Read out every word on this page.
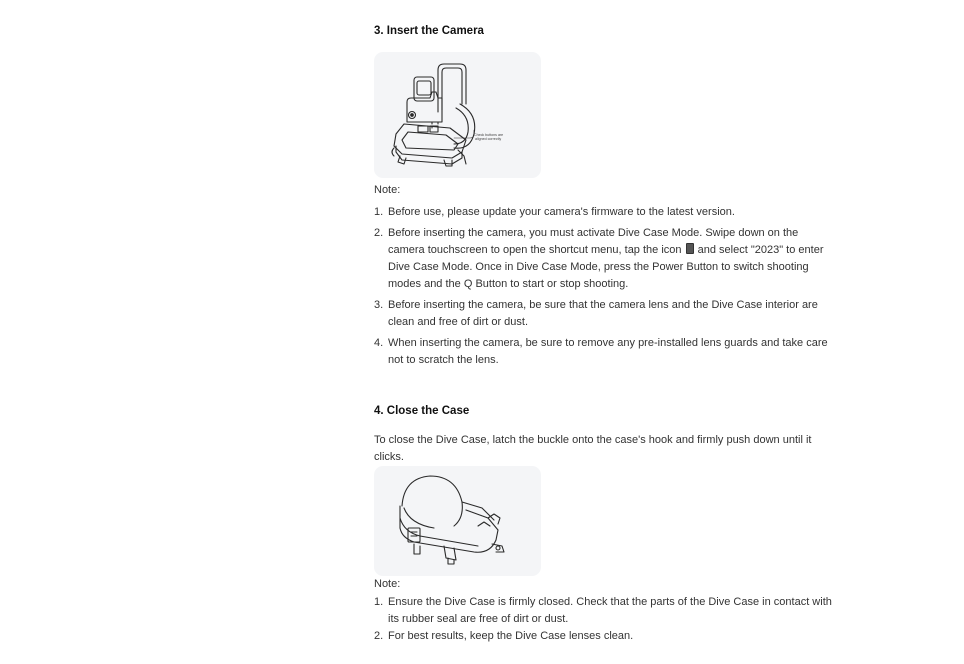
3. Insert the Camera
Check buttons are
aligned correctly
Note:
1. Before use, please update your camera's firmware to the latest version.
2. Before inserting the camera, you must activate Dive Case Mode. Swipe down on the camera touchscreen to open the shortcut menu, tap the icon and select "2023" to enter Dive Case Mode. Once in Dive Case Mode, press the Power Button to switch shooting modes and the Q Button to start or stop shooting.
3. Before inserting the camera, be sure that the camera lens and the Dive Case interior are clean and free of dirt or dust.
4. When inserting the camera, be sure to remove any pre-installed lens guards and take care not to scratch the lens.
4. Close the Case
To close the Dive Case, latch the buckle onto the case's hook and firmly push down until it clicks.
Note:
1. Ensure the Dive Case is firmly closed. Check that the parts of the Dive Case in contact with its rubber seal are free of dirt or dust.
2. For best results, keep the Dive Case lenses clean.
